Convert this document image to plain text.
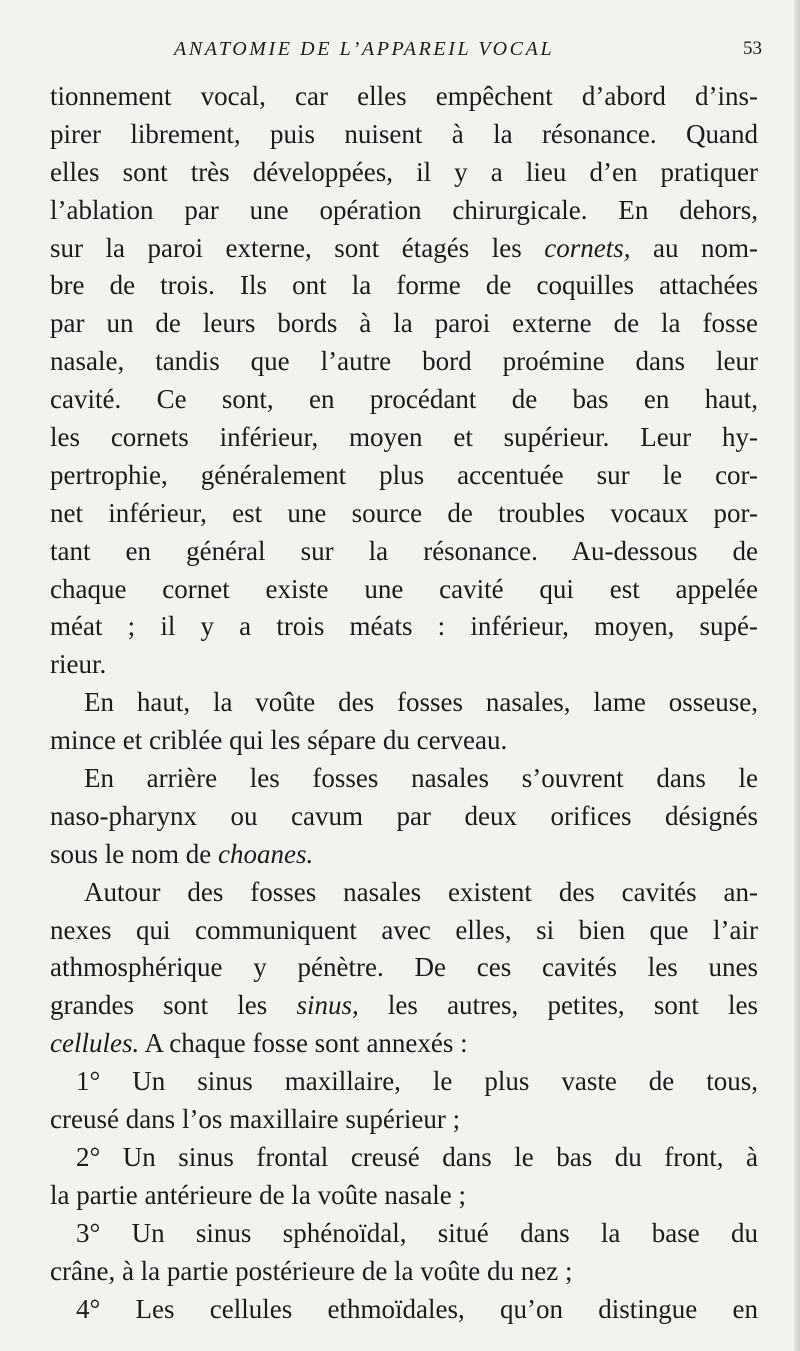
ANATOMIE DE L’APPAREIL VOCAL	53
tionnement vocal, car elles empêchent d’abord d’ins-
pirer librement, puis nuisent à la résonance. Quand
elles sont très développées, il y a lieu d’en pratiquer
l’ablation par une opération chirurgicale. En dehors,
sur la paroi externe, sont étagés les cornets, au nom-
bre de trois. Ils ont la forme de coquilles attachées
par un de leurs bords à la paroi externe de la fosse
nasale, tandis que l’autre bord proémine dans leur
cavité. Ce sont, en procédant de bas en haut,
les cornets inférieur, moyen et supérieur. Leur hy-
pertrophie, généralement plus accentuée sur le cor-
net inférieur, est une source de troubles vocaux por-
tant en général sur la résonance. Au-dessous de
chaque cornet existe une cavité qui est appelée
méat ; il y a trois méats : inférieur, moyen, supé-
rieur.
En haut, la voûte des fosses nasales, lame osseuse,
mince et criblée qui les sépare du cerveau.
En arrière les fosses nasales s’ouvrent dans le
naso-pharynx ou cavum par deux orifices désignés
sous le nom de choanes.
Autour des fosses nasales existent des cavités an-
nexes qui communiquent avec elles, si bien que l’air
athmosphérique y pénètre. De ces cavités les unes
grandes sont les sinus, les autres, petites, sont les
cellules. A chaque fosse sont annexés :
1° Un sinus maxillaire, le plus vaste de tous,
creusé dans l’os maxillaire supérieur ;
2° Un sinus frontal creusé dans le bas du front, à
la partie antérieure de la voûte nasale ;
3° Un sinus sphénoïdal, situé dans la base du
crâne, à la partie postérieure de la voûte du nez ;
4° Les cellules ethmoïdales, qu’on distingue en
